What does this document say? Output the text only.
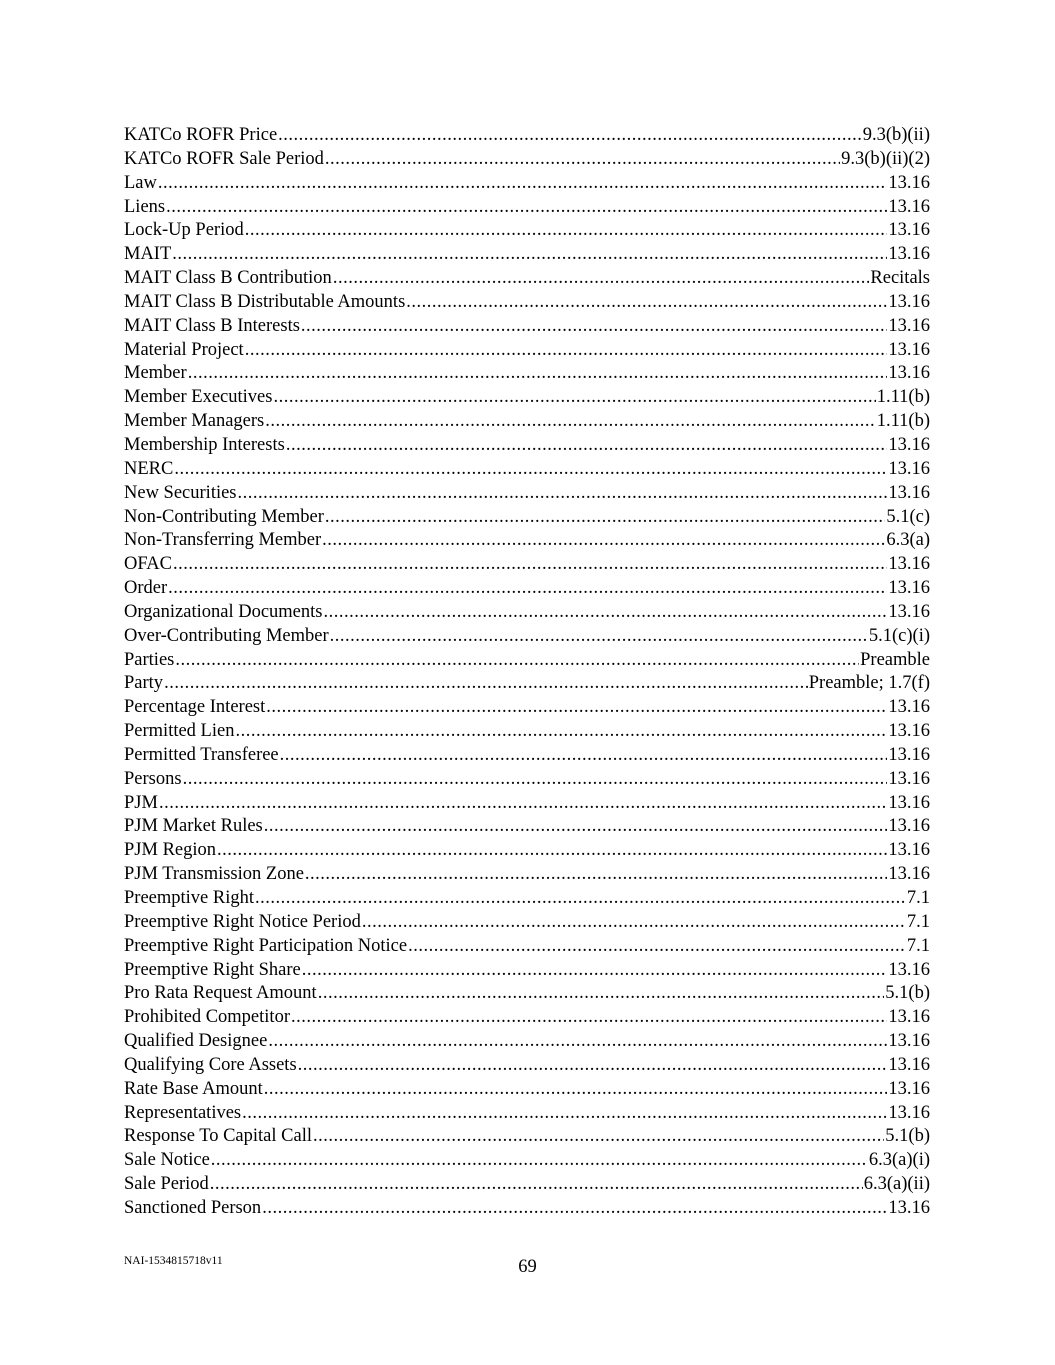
KATCo ROFR Price .....	9.3(b)(ii)
KATCo ROFR Sale Period .....	9.3(b)(ii)(2)
Law .....	13.16
Liens .....	13.16
Lock-Up Period .....	13.16
MAIT .....	13.16
MAIT Class B Contribution .....	Recitals
MAIT Class B Distributable Amounts .....	13.16
MAIT Class B Interests .....	13.16
Material Project .....	13.16
Member .....	13.16
Member Executives .....	1.11(b)
Member Managers .....	1.11(b)
Membership Interests .....	13.16
NERC .....	13.16
New Securities .....	13.16
Non-Contributing Member .....	5.1(c)
Non-Transferring Member .....	6.3(a)
OFAC .....	13.16
Order .....	13.16
Organizational Documents .....	13.16
Over-Contributing Member .....	5.1(c)(i)
Parties .....	Preamble
Party .....	Preamble; 1.7(f)
Percentage Interest .....	13.16
Permitted Lien .....	13.16
Permitted Transferee .....	13.16
Persons .....	13.16
PJM .....	13.16
PJM Market Rules .....	13.16
PJM Region .....	13.16
PJM Transmission Zone .....	13.16
Preemptive Right .....	7.1
Preemptive Right Notice Period .....	7.1
Preemptive Right Participation Notice .....	7.1
Preemptive Right Share .....	13.16
Pro Rata Request Amount .....	5.1(b)
Prohibited Competitor .....	13.16
Qualified Designee .....	13.16
Qualifying Core Assets .....	13.16
Rate Base Amount .....	13.16
Representatives .....	13.16
Response To Capital Call .....	5.1(b)
Sale Notice .....	6.3(a)(i)
Sale Period .....	6.3(a)(ii)
Sanctioned Person .....	13.16
NAI-1534815718v11	69
